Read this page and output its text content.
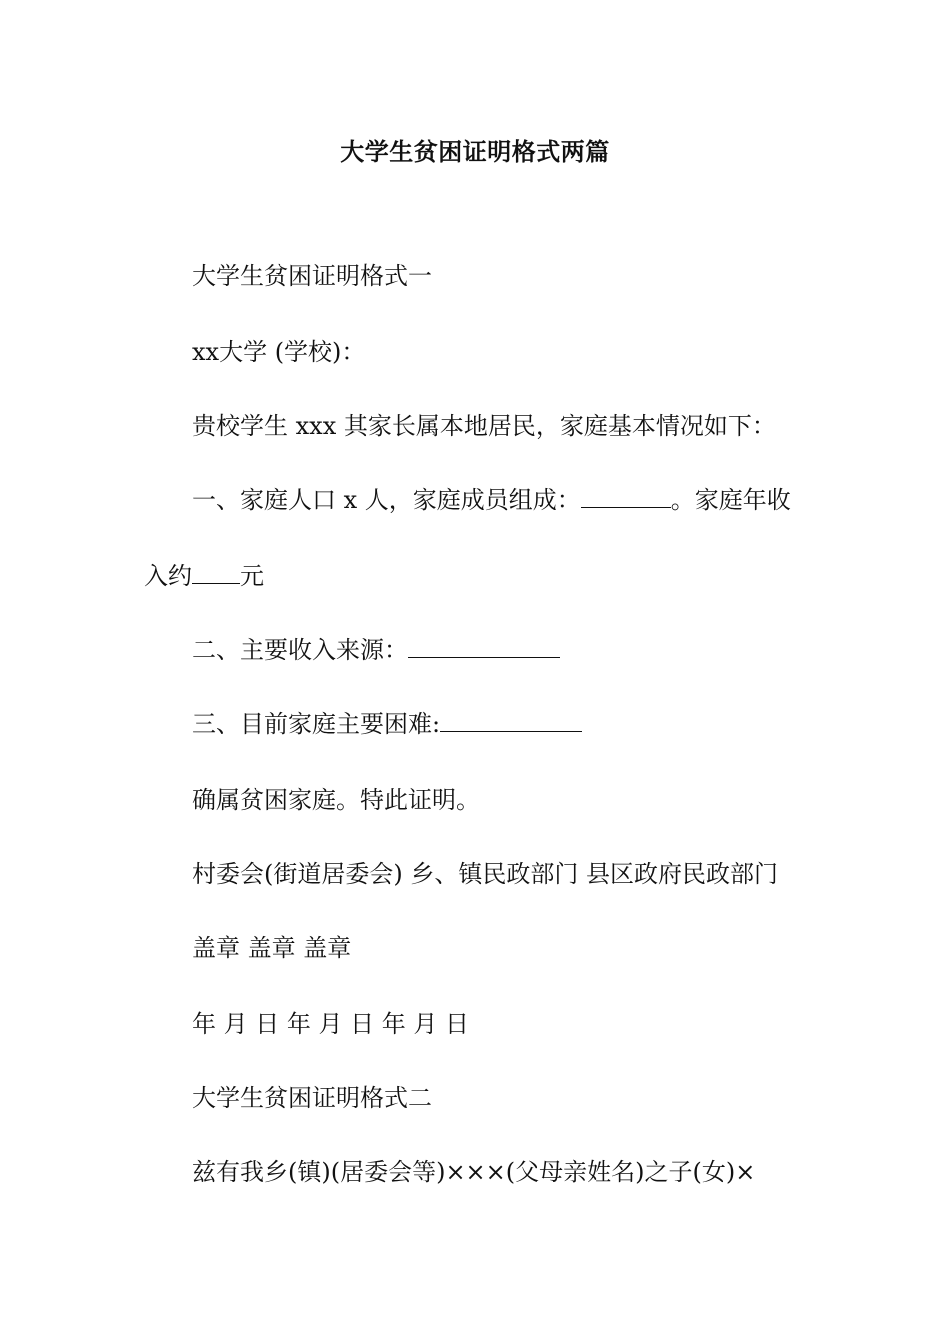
大学生贫困证明格式两篇
大学生贫困证明格式一
xx大学 (学校)：
贵校学生 xxx 其家长属本地居民，家庭基本情况如下：
一、家庭人口 x 人，家庭成员组成：	。家庭年收
入约 元
二、主要收入来源：
三、目前家庭主要困难:
确属贫困家庭。特此证明。
村委会(街道居委会) 乡、镇民政部门 县区政府民政部门
盖章 盖章 盖章
年 月 日 年 月 日 年 月 日
大学生贫困证明格式二
兹有我乡(镇)(居委会等)×××(父母亲姓名)之子(女)×
